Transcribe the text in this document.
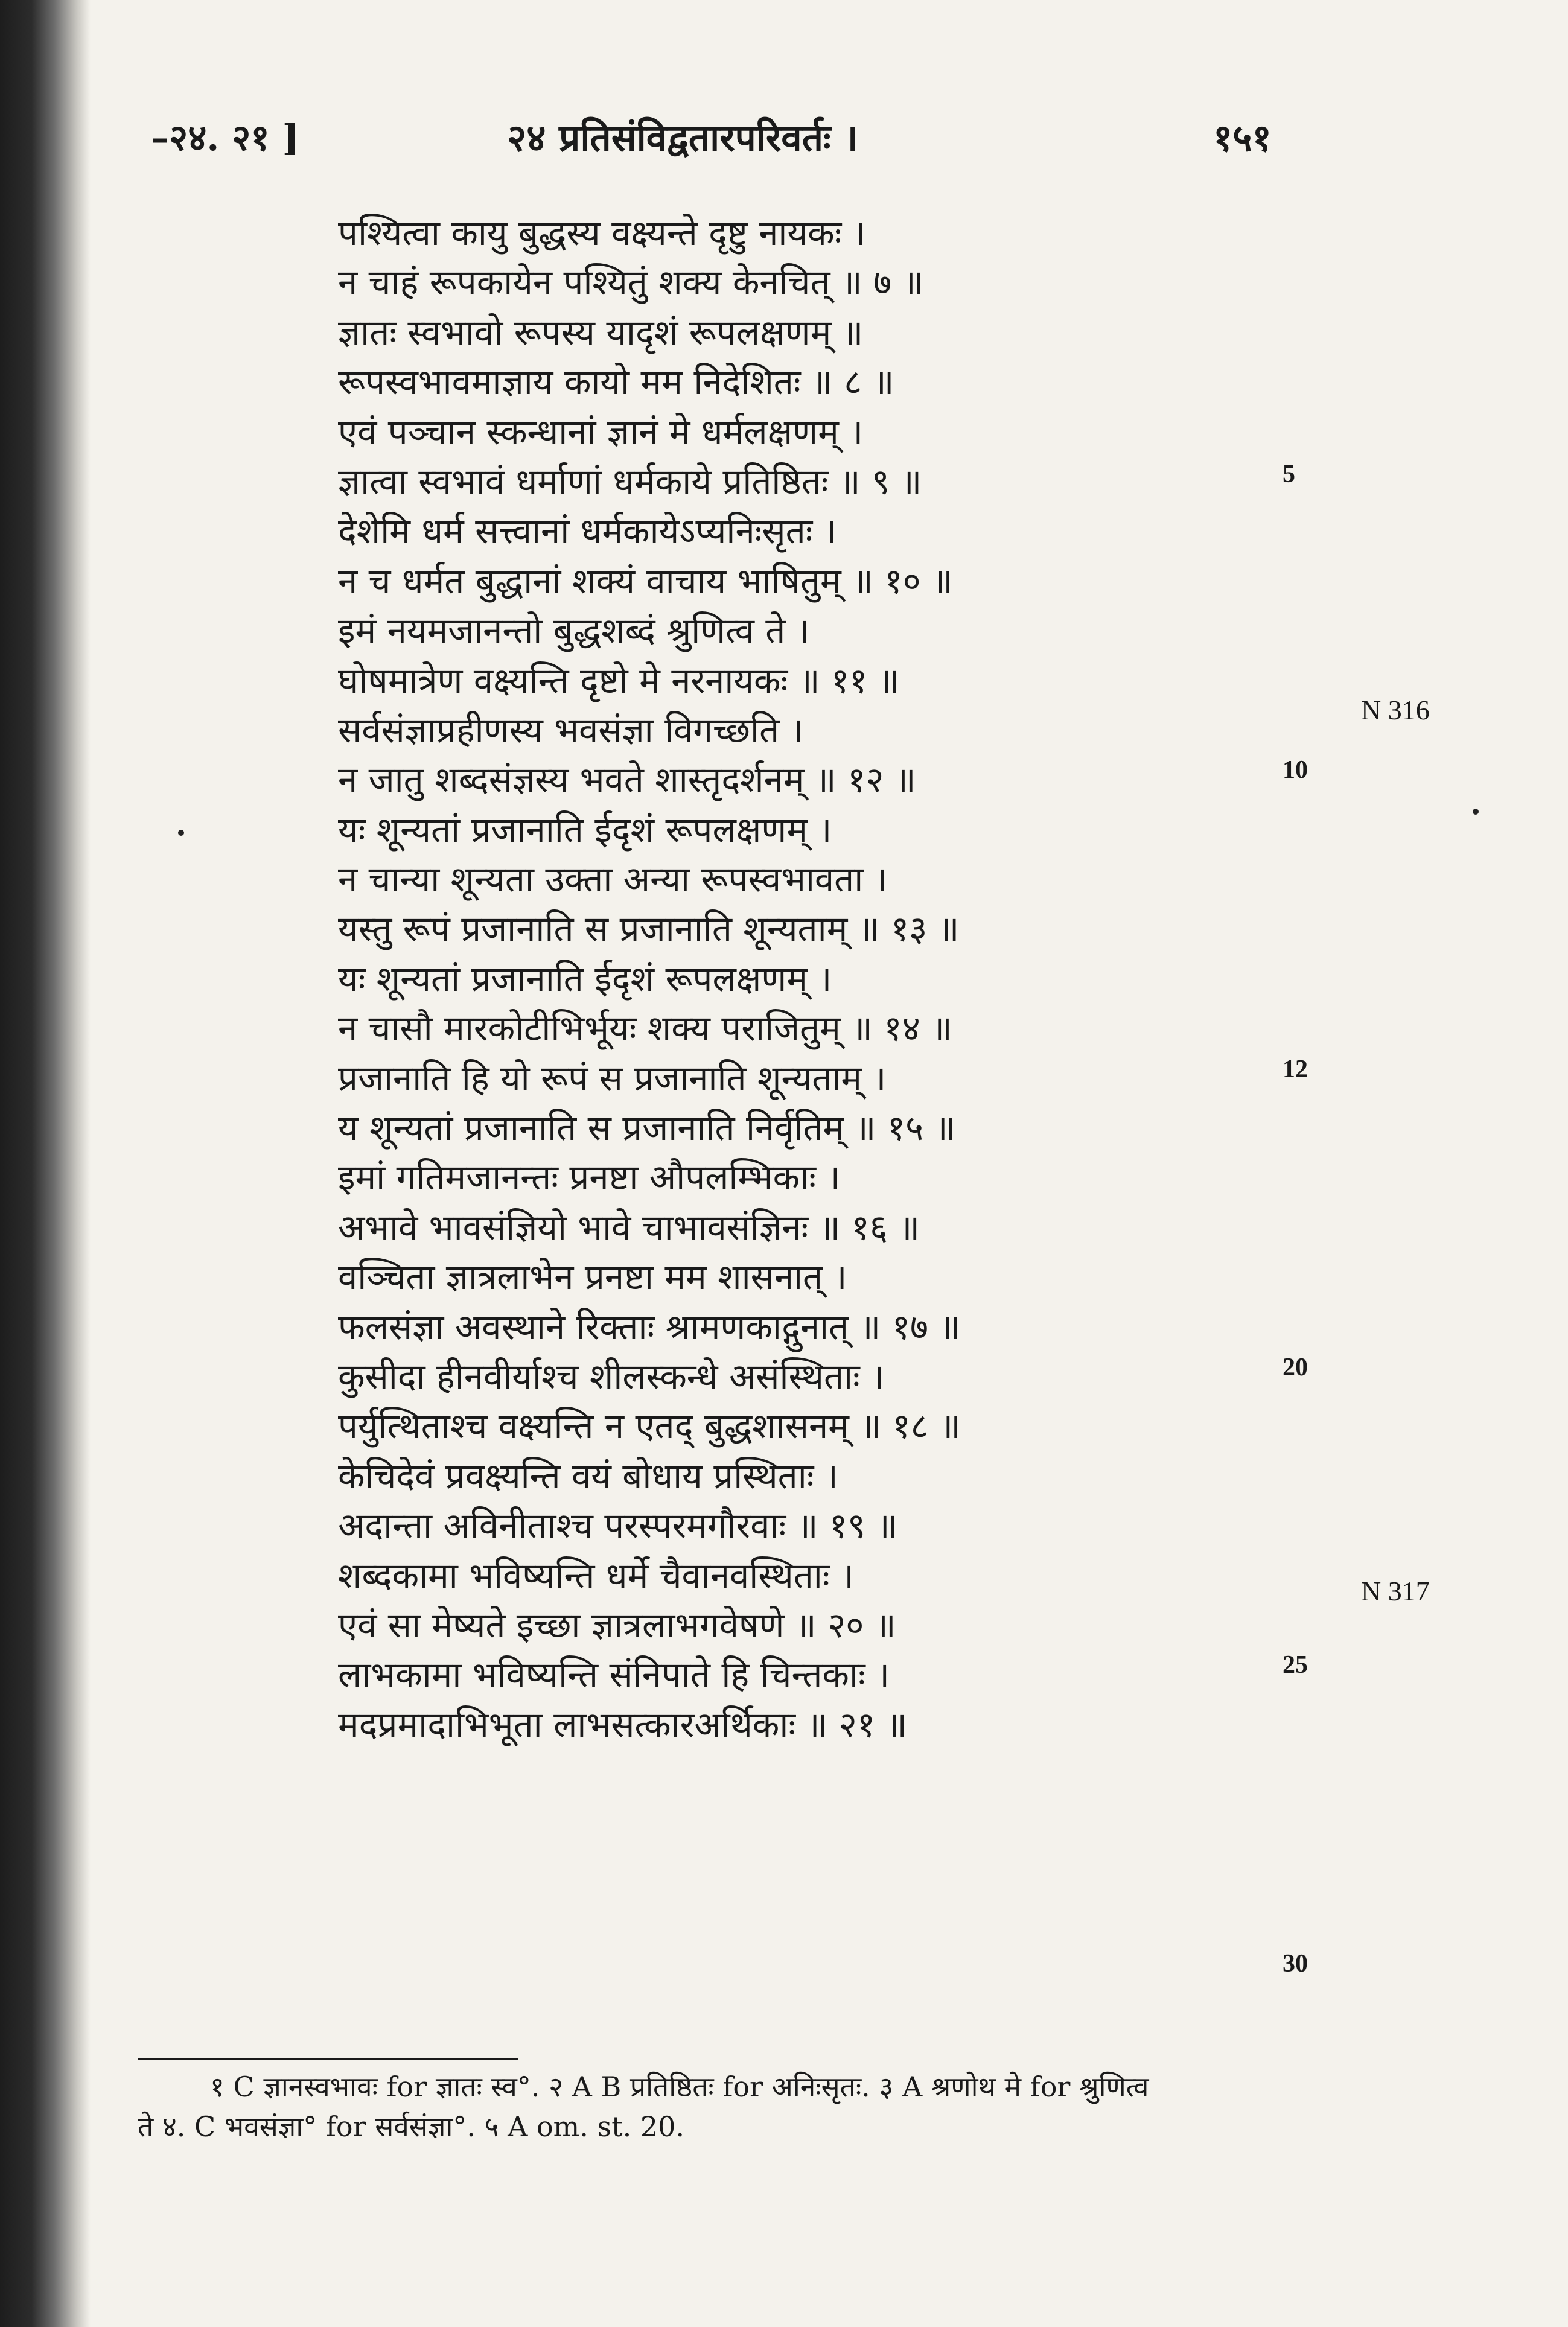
–२४. २१ ]	२४ प्रतिसंविद्वतारपरिवर्तः ।	१५१
पश्यित्वा कायु बुद्धस्य वक्ष्यन्ते दृष्टु नायकः ।
न चाहं रूपकायेन पश्यितुं शक्य केनचित् ॥ ७ ॥
ज्ञातः स्वभावो रूपस्य यादृशं रूपलक्षणम् ॥
रूपस्वभावमाज्ञाय कायो मम निदेशितः ॥ ८ ॥
एवं पञ्चान स्कन्धानां ज्ञानं मे धर्मलक्षणम् ।
ज्ञात्वा स्वभावं धर्माणां धर्मकाये प्रतिष्ठितः ॥ ९ ॥
देशेमि धर्म सत्त्वानां धर्मकायेऽप्यनिःसृतः ।
न च धर्मत बुद्धानां शक्यं वाचाय भाषितुम् ॥ १० ॥
इमं नयमजानन्तो बुद्धशब्दं श्रुणित्व ते ।
घोषमात्रेण वक्ष्यन्ति दृष्टो मे नरनायकः ॥ ११ ॥
सर्वसंज्ञाप्रहीणस्य भवसंज्ञा विगच्छति ।
न जातु शब्दसंज्ञस्य भवते शास्तृदर्शनम् ॥ १२ ॥
यः शून्यतां प्रजानाति ईदृशं रूपलक्षणम् ।
न चान्या शून्यता उक्ता अन्या रूपस्वभावता ।
यस्तु रूपं प्रजानाति स प्रजानाति शून्यताम् ॥ १३ ॥
यः शून्यतां प्रजानाति ईदृशं रूपलक्षणम् ।
न चासौ मारकोटीभिर्भूयः शक्य पराजितुम् ॥ १४ ॥
प्रजानाति हि यो रूपं स प्रजानाति शून्यताम् ।
य शून्यतां प्रजानाति स प्रजानाति निर्वृतिम् ॥ १५ ॥
इमां गतिमजानन्तः प्रनष्टा औपलम्भिकाः ।
अभावे भावसंज्ञियो भावे चाभावसंज्ञिनः ॥ १६ ॥
वञ्चिता ज्ञात्रलाभेन प्रनष्टा मम शासनात् ।
फलसंज्ञा अवस्थाने रिक्ताः श्रामणकाद्गुनात् ॥ १७ ॥
कुसीदा हीनवीर्याश्च शीलस्कन्धे असंस्थिताः ।
पर्युत्थिताश्च वक्ष्यन्ति न एतद् बुद्धशासनम् ॥ १८ ॥
केचिदेवं प्रवक्ष्यन्ति वयं बोधाय प्रस्थिताः ।
अदान्ता अविनीताश्च परस्परमगौरवाः ॥ १९ ॥
शब्दकामा भविष्यन्ति धर्मे चैवानवस्थिताः ।
एवं सा मेष्यते इच्छा ज्ञात्रलाभगवेषणे ॥ २० ॥
लाभकामा भविष्यन्ति संनिपाते हि चिन्तकाः ।
मदप्रमादाभिभूता लाभसत्कारअर्थिकाः ॥ २१ ॥
5
10
12
20
25
30
N 316
N 317
१ C ज्ञानस्वभावः for ज्ञातः स्व°. २ A B प्रतिष्ठितः for अनिःसृतः. ३ A श्रणोथ मे for श्रुणित्व
ते ४. C भवसंज्ञा° for सर्वसंज्ञा°. ५ A om. st. 20.
